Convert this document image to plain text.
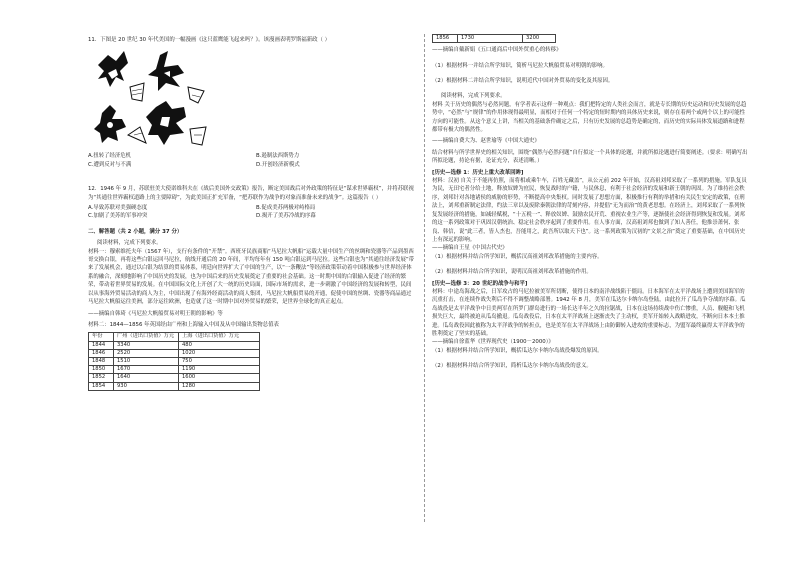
11．下图是 20 世纪 30 年代美国的一幅漫画《这只蓝鹰能飞起来吗？》。该漫画表明罗斯福新政（ ）

A.扭转了经济危机	B.遏制法西斯势力

C.遭到反对与不满	D.开创经济新模式

12．1946 年 9 月，苏联驻美大使诺维科夫在《战后美国外交政策》报告，断定美国战后对外政策的特征是“谋求世界霸权”，并将苏联视为“其通往世界霸权道路上的主要障碍”，为此美国正扩充军备，“把苏联作为战争的对象而准备未来的战争”。这篇报告（ ）

A.导致苏联对美强硬态度	B.促成美苏两极对峙格局

C.加剧了美苏的军事冲突	D.揭开了美苏冷战的序幕

二、解答题（共 2 小题，满分 37 分）

阅读材料，完成下列要求。

材料一：穆索维托夫年（1567 年），支行有条件的“开禁”。西班牙民族商船“马尼拉大帆船”运载大量中国生产的丝绸和瓷器等产品到墨西哥交换白银，再将这些白银运回马尼拉，航线开通后的 20 年间，平均每年有 150 吨白银运到马尼拉。这些白银也为“其通往经济发展”带来了发展机会，通过以白银为结算的贸易体系，明廷向世界扩大了中国的生产，以“一条鞭法”等经济政策带动着中国积极参与世界经济体系的融合，深刻地影响了中国历史的发展，也为中国后来的历史发展奠定了重要的社会基础。这一时期中国的白银输入促进了经济的繁荣，带动着世界贸易的发展。在中国国际文化上开创了大一统的历史局面，国际市场的需求，进一步刺激了中国经济的发展和转型，民间以从事海外贸易活动的商人为主，中国出现了有海外经商活动的商人集团，马尼拉大帆船贸易的开通，促使中国的丝绸、瓷器等商品通过马尼拉大帆船运往美洲，部分运往欧洲，也造就了这一时期中国对外贸易的繁荣，是世界全球化的真正起点。

——摘编自韩琦《马尼拉大帆船贸易对明王朝的影响》等

材料二：1844—1856 年英国经由广州和上海输入中国及从中国输出货物总值表

年份	广州（进出口货值）万元	上海（进出口货值）万元
1844	3340	480
1846	2520	1020
1848	1510	750
1850	1670	1190
1852	1640	1600
1854	930	1280
1856	1730	3200

——摘编自戴新娟《五口通商后中国外贸重心的转移》

（1）根据材料一并结合所学知识，简析马尼拉大帆船贸易对明朝的影响。

（2）根据材料二并结合所学知识，说明近代中国对外贸易的变化及其原因。

阅读材料，完成下列要求。

材料 关于历史的偶然与必然问题，有学者表示这样一种观点：我们把特定的人类社会而言，就是专长期的历史运动和历史发展的总趋势中，“必然”与“规律”的作用体现得最明显，而相对于任何一个特定的短时期内的具体历史来说，则存在着两个或两个以上的可能性方向的可能性。从这个意义上讲，当相关的基础条件确定之后，只有历史发展的总趋势是确定的，而历史的实际具体发展道路和进程都带有极大的偶然性。

——摘编自费大为、赵世瑜等《中国大通史》

结合材料与所学世界史的相关知识，围绕“偶然与必然问题”自行拟定一个具体的论题，并就所拟论题进行简要阐述。（要求：明确写出所拟论题，持论有据，论证充分，表述清晰。）

[历史—选修 1：历史上重大改革回眸]

材料：汉初 自关于不能再仿照，而将相或乘牛车，百姓无藏盖”，从公元前 202 年开始，汉高祖刘邦采取了一系列的措施。军队复员为民，无田宅者分给土地，释放奴婢为庶民，恢复战时的户籍，与民休息，有利于社会经济的发展和新王朝的巩固。为了维持社会秩序，刘邦针对各地诸侯的威胁的形势，不断提高中央集权。同时发展了思想方面，积极推行有利的举措和有关民生安定的政策，在刑法上，刘邦重新制定法律，约法三章以及废除秦朝法律的苛刻内容，并提倡“无为而治”的黄老思想。在经济上，刘邦采取了一系列恢复发展经济的措施，如减轻赋税，“十五税一”、释放奴婢、鼓励农民开荒、重视农业生产等，逐渐使社会经济得到恢复和发展。刘邦的这一系列政策对于巩固汉朝统治、稳定社会秩序起到了重要作用。在人事方面，汉高祖刘邦也做到了知人善任，他推崇萧何、张良、韩信，说“此三者，皆人杰也，吾能用之，此吾所以取天下也”。这一系列政策为汉初的“文景之治”奠定了重要基础，在中国历史上有深远的影响。

——摘编自王星《中国古代史》

（1）根据材料并结合所学知识，概括汉高祖刘邦改革措施的主要内容。

（2）根据材料并结合所学知识，说明汉高祖刘邦改革措施的作用。

[历史—选修 3：20 世纪的战争与和平]

材料：中途岛海战之后，日军攻占的马尼拉被美军所切断，使得日本的南洋战线陷于僵局。日本海军在太平洋战场上遭到美国海军的沉重打击，在连续作战失利后不得不调整战略部署。1942 年 8 月，美军在瓜达尔卡纳尔岛登陆，由此拉开了瓜岛争夺战的序幕。瓜岛战役是太平洋战争中日美两军在所罗门群岛进行的一场长达半年之久的拉锯战，日本在这场持续战中伤亡惨重，人员、舰艇和飞机损失巨大，最终被迫从瓜岛撤退。瓜岛战役后，日本在太平洋战场上逐渐丧失了主动权，美军开始转入战略进攻，不断向日本本土推进。瓜岛战役因此被称为太平洋战争的转折点，也是美军在太平洋战场上由防御转入进攻的重要标志，为盟军最终赢得太平洋战争的胜利奠定了坚实的基础。

——摘编自徐蓝华《世界现代史（1900－2000）》

（1）根据材料并结合所学知识，概括瓜达尔卡纳尔岛战役爆发的原因。

（2）根据材料并结合所学知识，简析瓜达尔卡纳尔岛战役的意义。
